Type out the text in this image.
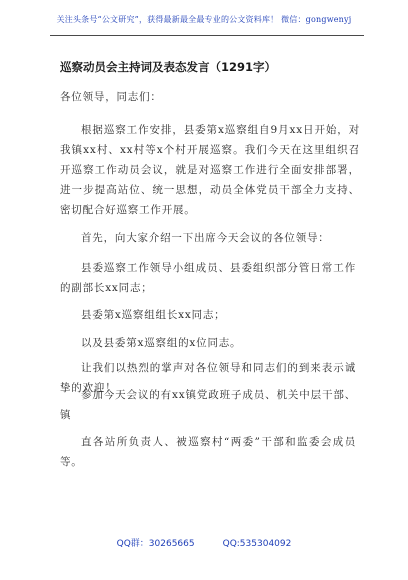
关注头条号“公文研究”，获得最新最全最专业的公文资料库！ 微信：gongwenyj
巡察动员会主持词及表态发言（1291字）
各位领导，同志们：
根据巡察工作安排，县委第x巡察组自9月xx日开始，对我镇xx村、xx村等x个村开展巡察。我们今天在这里组织召开巡察工作动员会议，就是对巡察工作进行全面安排部署，进一步提高站位、统一思想，动员全体党员干部全力支持、密切配合好巡察工作开展。
首先，向大家介绍一下出席今天会议的各位领导：
县委巡察工作领导小组成员、县委组织部分管日常工作的副部长xx同志；
县委第x巡察组组长xx同志；
以及县委第x巡察组的x位同志。
让我们以热烈的掌声对各位领导和同志们的到来表示诚挚的欢迎！
参加今天会议的有xx镇党政班子成员、机关中层干部、镇
直各站所负责人、被巡察村“两委”干部和监委会成员等。
QQ群：30265665	QQ:535304092
